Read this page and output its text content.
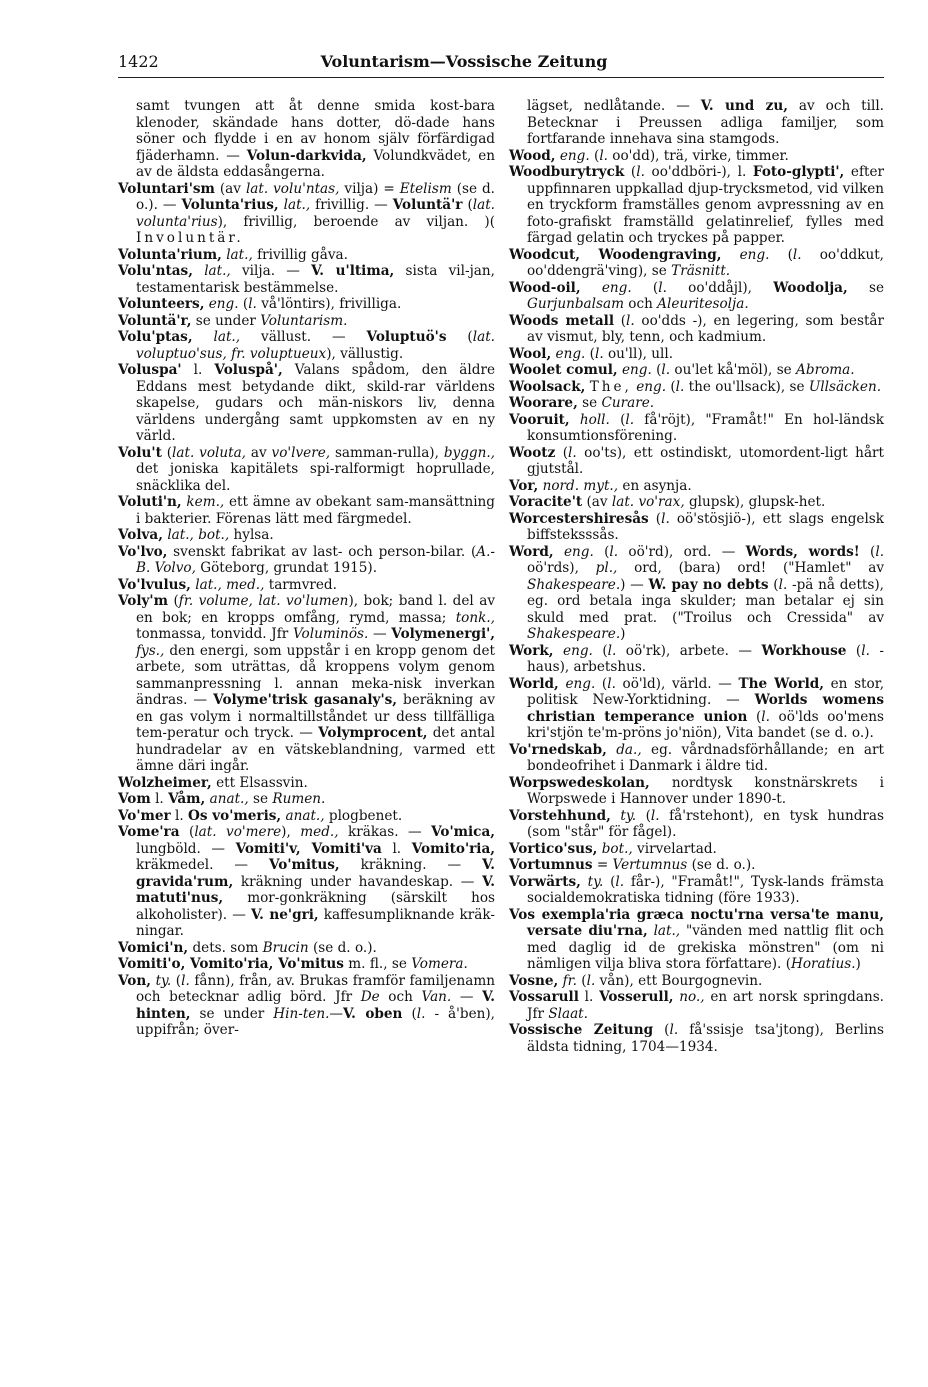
1422	Voluntarism—Vossische Zeitung

samt tvungen att åt denne smida kost-bara klenoder, skändade hans dotter, dö-dade hans söner och flydde i en av honom själv förfärdigad fjäderhamn. — Volun-darkvida, Volundkvädet, en av de äldsta eddasångerna.

Voluntari'sm (av lat. volu'ntas, vilja) = Etelism (se d. o.). — Volunta'rius, lat., frivillig. — Voluntä'r (lat. volunta'rius), frivillig, beroende av viljan. )( Involuntär.

Volunta'rium, lat., frivillig gåva.

Volu'ntas, lat., vilja. — V. u'ltima, sista vil-jan, testamentarisk bestämmelse.

Volunteers, eng. (l. vå'löntirs), frivilliga.

Voluntä'r, se under Voluntarism.

Volu'ptas, lat., vällust. — Voluptuö's (lat. voluptuo'sus, fr. voluptueux), vällustig.

Voluspa' l. Voluspå', Valans spådom, den äldre Eddans mest betydande dikt, skild-rar världens skapelse, gudars och män-niskors liv, denna världens undergång samt uppkomsten av en ny värld.

Volu't (lat. voluta, av vo'lvere, samman-rulla), byggn., det joniska kapitälets spi-ralformigt hoprullade, snäcklika del.

Voluti'n, kem., ett ämne av obekant sam-mansättning i bakterier. Förenas lätt med färgmedel.

Volva, lat., bot., hylsa.

Vo'lvo, svenskt fabrikat av last- och person-bilar. (A.-B. Volvo, Göteborg, grundat 1915).

Vo'lvulus, lat., med., tarmvred.

Voly'm (fr. volume, lat. vo'lumen), bok; band l. del av en bok; en kropps omfång, rymd, massa; tonk., tonmassa, tonvidd. Jfr Voluminös. — Volymenergi', fys., den energi, som uppstår i en kropp genom det arbete, som uträttas, då kroppens volym genom sammanpressning l. annan meka-nisk inverkan ändras. — Volyme'trisk gasanaly's, beräkning av en gas volym i normaltillståndet ur dess tillfälliga tem-peratur och tryck. — Volymprocent, det antal hundradelar av en vätskeblandning, varmed ett ämne däri ingår.

Wolzheimer, ett Elsassvin.

Vom l. Våm, anat., se Rumen.

Vo'mer l. Os vo'meris, anat., plogbenet.

Vome'ra (lat. vo'mere), med., kräkas. — Vo'mica, lungböld. — Vomiti'v, Vomiti'va l. Vomito'ria, kräkmedel. — Vo'mitus, kräkning. — V. gravida'rum, kräkning under havandeskap. — V. matuti'nus, mor-gonkräkning (särskilt hos alkoholister). — V. ne'gri, kaffesumpliknande kräk-ningar.

Vomici'n, dets. som Brucin (se d. o.).

Vomiti'o, Vomito'ria, Vo'mitus m. fl., se Vomera.

Von, ty. (l. fånn), från, av. Brukas framför familjenamn och betecknar adlig börd. Jfr De och Van. — V. hinten, se under Hin-ten.—V. oben (l. - å'ben), uppifrån; över-

lägset, nedlåtande. — V. und zu, av och till. Betecknar i Preussen adliga familjer, som fortfarande innehava sina stamgods.

Wood, eng. (l. oo'dd), trä, virke, timmer.

Woodburytryck (l. oo'ddböri-), l. Foto-glypti', efter uppfinnaren uppkallad djup-trycksmetod, vid vilken en tryckform framställes genom avpressning av en foto-grafiskt framställd gelatinrelief, fylles med färgad gelatin och tryckes på papper.

Woodcut, Woodengraving, eng. (l. oo'ddkut, oo'ddengrä'ving), se Träsnitt.

Wood-oil, eng. (l. oo'ddåjl), Woodolja, se Gurjunbalsam och Aleuritesolja.

Woods metall (l. oo'dds -), en legering, som består av vismut, bly, tenn, och kadmium.

Wool, eng. (l. ou'll), ull.

Woolet comul, eng. (l. ou'let kå'möl), se Abroma.

Woolsack, The, eng. (l. the ou'llsack), se Ullsäcken.

Woorare, se Curare.

Vooruit, holl. (l. få'röjt), "Framåt!" En hol-ländsk konsumtionsförening.

Wootz (l. oo'ts), ett ostindiskt, utomordent-ligt hårt gjutstål.

Vor, nord. myt., en asynja.

Voracite't (av lat. vo'rax, glupsk), glupsk-het.

Worcestershiresås (l. oö'stösjiö-), ett slags engelsk biffsteksssås.

Word, eng. (l. oö'rd), ord. — Words, words! (l. oö'rds), pl., ord, (bara) ord! ("Hamlet" av Shakespeare.) — W. pay no debts (l. -pä nå detts), eg. ord betala inga skulder; man betalar ej sin skuld med prat. ("Troilus och Cressida" av Shakespeare.)

Work, eng. (l. oö'rk), arbete. — Workhouse (l. -haus), arbetshus.

World, eng. (l. oö'ld), värld. — The World, en stor, politisk New-Yorktidning. — Worlds womens christian temperance union (l. oö'lds oo'mens kri'stjön te'm-pröns jo'niön), Vita bandet (se d. o.).

Vo'rnedskab, da., eg. vårdnadsförhållande; en art bondeofrihet i Danmark i äldre tid.

Worpswedeskolan, nordtysk konstnärskrets i Worpswede i Hannover under 1890-t.

Vorstehhund, ty. (l. få'rstehont), en tysk hundras (som "står" för fågel).

Vortico'sus, bot., virvelartad.

Vortumnus = Vertumnus (se d. o.).

Vorwärts, ty. (l. får-), "Framåt!", Tysk-lands främsta socialdemokratiska tidning (före 1933).

Vos exempla'ria græca noctu'rna versa'te manu, versate diu'rna, lat., "vänden med nattlig flit och med daglig id de grekiska mönstren" (om ni nämligen vilja bliva stora författare). (Horatius.)

Vosne, fr. (l. vån), ett Bourgognevin.

Vossarull l. Vosserull, no., en art norsk springdans. Jfr Slaat.

Vossische Zeitung (l. få'ssisje tsa'jtong), Berlins äldsta tidning, 1704—1934.
